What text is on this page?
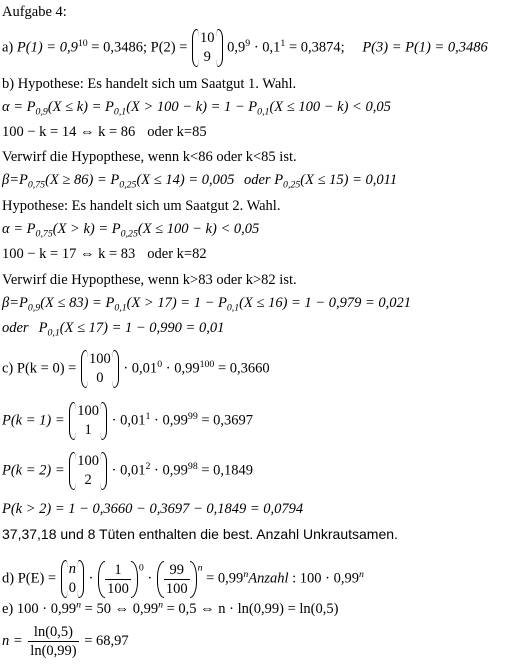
Aufgabe 4:
a) $P(1) = 0,9^{10} = 0,3486$; P(2) =
10
9
$0,9^9 \cdot 0,1^1 = 0,3874$; P(3) = P(1) = 0,3486
b) Hypothese: Es handelt sich um Saatgut 1. Wahl.
$\alpha = P_{0,9}(X \le k) = P_{0,1}(X > 100 - k) = 1 - P_{0,1}(X \le 100 - k) < 0,05$
100 − k = 14 ⇔ k = 86 oder k=85
Verwirf die Hypopthese, wenn k<86 oder k<85 ist.
$\beta=P_{0,75}(X \ge 86) = P_{0,25}(X \le 14) = 0,005$ oder $P_{0,25}(X \le 15) = 0,011$
Hypothese: Es handelt sich um Saatgut 2. Wahl.
$\alpha = P_{0,75}(X > k) = P_{0,25}(X \le 100 - k) < 0,05$
100 − k = 17 ⇔ k = 83 oder k=82
Verwirf die Hypopthese, wenn k>83 oder k>82 ist.
$\beta=P_{0,9}(X \le 83) = P_{0,1}(X > 17) = 1 - P_{0,1}(X \le 16) = 1 - 0,979 = 0,021$
oder $P_{0,1}(X \le 17) = 1 - 0,990 = 0,01$
c) P(k = 0) =
100
0
· $0,01^0 \cdot 0,99^{100} = 0,3660$
P(k = 1) =
100
1
· $0,01^1 \cdot 0,99^{99} = 0,3697$
P(k = 2) =
100
2
· $0,01^2 \cdot 0,99^{98} = 0,1849$
P(k > 2) = 1 − 0,3660 − 0,3697 − 0,1849 = 0,0794
37,37,18 und 8 Tüten enthalten die best. Anzahl Unkrautsamen.
d) P(E) =
n
0
· $\frac{1}{100} ^0 \cdot \frac{99}{100} ^n$ = $0,99^nAnzahl$ : $100 \cdot 0,99^n$
e) $100 \cdot 0,99^n = 50$ ⇔ $0,99^n = 0,5$ ⇔ n · ln(0,99) = ln(0,5)
$n = \frac{\ln(0,5)}{\ln(0,99)} = 68,97$
